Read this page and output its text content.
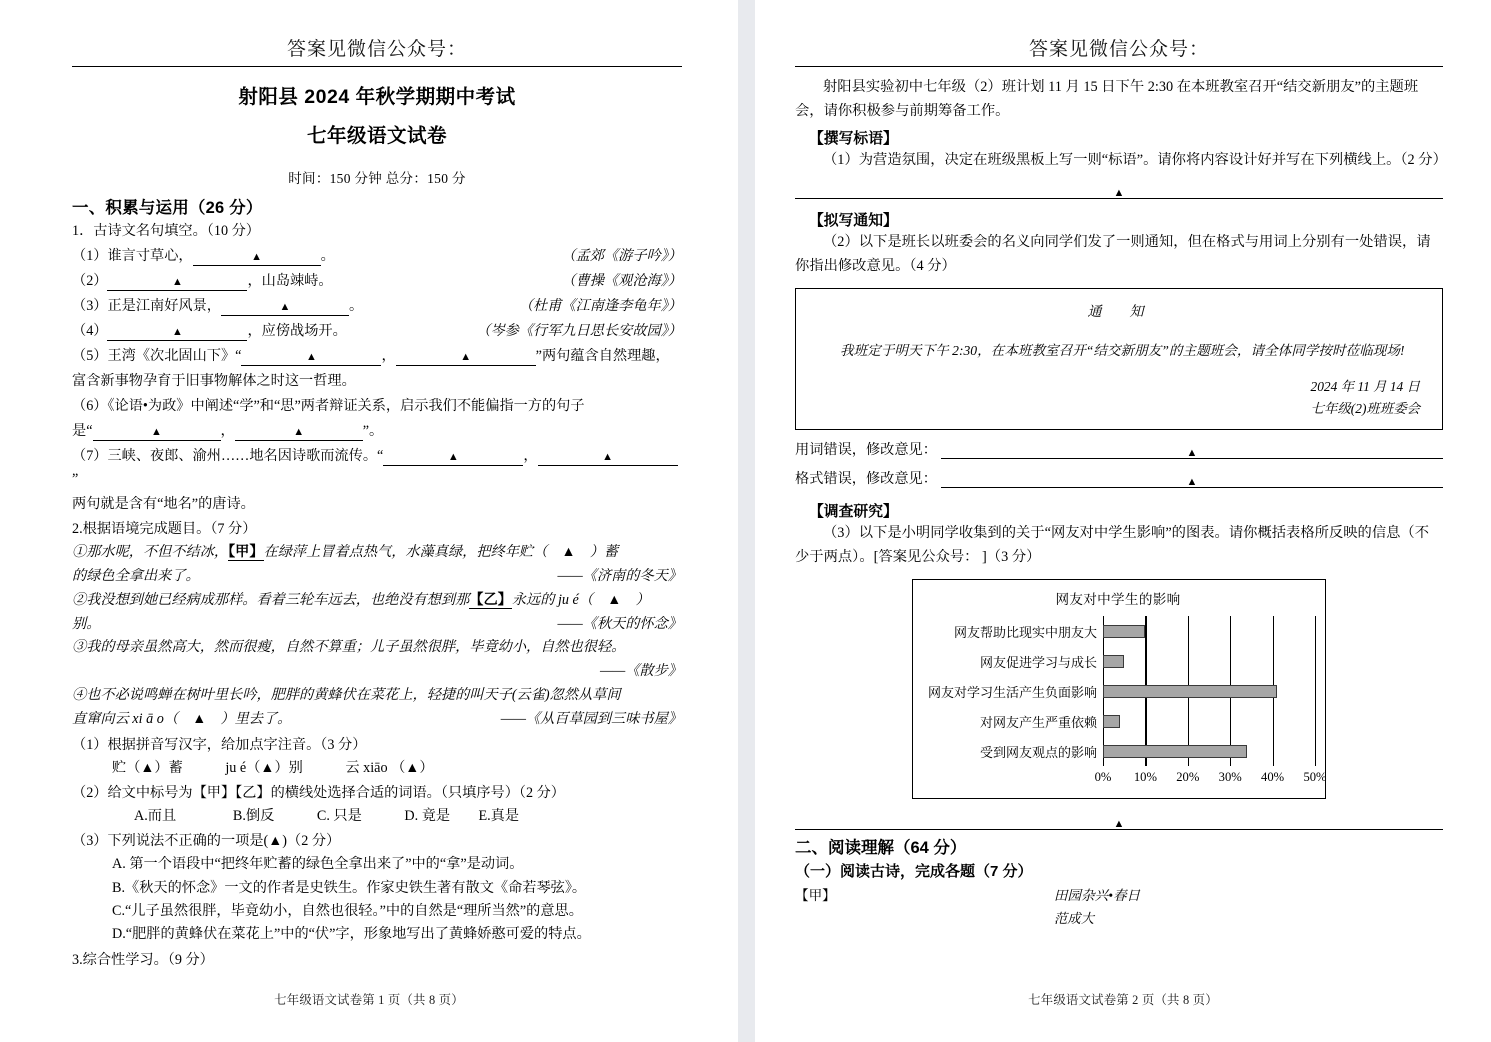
答案见微信公众号：
射阳县 2024 年秋学期期中考试
七年级语文试卷
时间：150 分钟 总分：150 分
一、积累与运用（26 分）
1．古诗文名句填空。（10 分）
（1）谁言寸草心，	▲	。	（孟郊《游子吟》）
（2）	▲	，山岛竦峙。	（曹操《观沧海》）
（3）正是江南好风景，	▲	。	（杜甫《江南逢李龟年》）
（4）	▲	，应傍战场开。	（岑参《行军九日思长安故园》）
（5）王湾《次北固山下》“	▲	，	▲	”两句蕴含自然理趣，
富含新事物孕育于旧事物解体之时这一哲理。
（6）《论语•为政》中阐述“学”和“思”两者辩证关系，启示我们不能偏指一方的句子
是“	▲	，	▲	”。
（7）三峡、夜郎、渝州……地名因诗歌而流传。“	▲	，	▲”
两句就是含有“地名”的唐诗。
2.根据语境完成题目。（7 分）
①那水呢，不但不结冰，【甲】在绿萍上冒着点热气，水藻真绿，把终年贮（　▲　）蓄
的绿色全拿出来了。	——《济南的冬天》
②我没想到她已经病成那样。看着三轮车远去，也绝没有想到那【乙】永远的 ju é（　▲　）
别。	——《秋天的怀念》
③我的母亲虽然高大，然而很瘦，自然不算重；儿子虽然很胖，毕竟幼小，自然也很轻。
——《散步》
④也不必说鸣蝉在树叶里长吟，肥胖的黄蜂伏在菜花上，轻捷的叫天子(云雀)忽然从草间
直窜向云 xi ā o（　▲　）里去了。	——《从百草园到三味书屋》
（1）根据拼音写汉字，给加点字注音。（3 分）
贮（▲）蓄　　　ju é（▲）别　　　云 xiāo （▲）
（2）给文中标号为【甲】【乙】的横线处选择合适的词语。（只填序号）（2 分）
A.而且　　　　B.倒反　　　C. 只是　　　D. 竟是　　E.真是
（3）下列说法不正确的一项是(▲)（2 分）
A. 第一个语段中“把终年贮蓄的绿色全拿出来了”中的“拿”是动词。
B.《秋天的怀念》一文的作者是史铁生。作家史铁生著有散文《命若琴弦》。
C.“儿子虽然很胖，毕竟幼小，自然也很轻。”中的自然是“理所当然”的意思。
D.“肥胖的黄蜂伏在菜花上”中的“伏”字，形象地写出了黄蜂娇憨可爱的特点。
3.综合性学习。（9 分）
七年级语文试卷第 1 页（共 8 页）
答案见微信公众号：
射阳县实验初中七年级（2）班计划 11 月 15 日下午 2:30 在本班教室召开“结交新朋友”的主题班会，请你积极参与前期筹备工作。
【撰写标语】
（1）为营造氛围，决定在班级黑板上写一则“标语”。请你将内容设计好并写在下列横线上。（2 分）
▲
【拟写通知】
（2）以下是班长以班委会的名义向同学们发了一则通知，但在格式与用词上分别有一处错误，请你指出修改意见。（4 分）
通　知
我班定于明天下午 2:30，在本班教室召开“结交新朋友”的主题班会，请全体同学按时莅临现场!
2024 年 11 月 14 日
七年级(2)班班委会
用词错误，修改意见：	▲
格式错误，修改意见：	▲
【调查研究】
（3）以下是小明同学收集到的关于“网友对中学生影响”的图表。请你概括表格所反映的信息（不少于两点）。[答案见公众号： ]（3 分）
网友对中学生的影响
网友帮助比现实中朋友大
网友促进学习与成长
网友对学习生活产生负面影响
对网友产生严重依赖
受到网友观点的影响
0% 10% 20% 30% 40% 50%
▲
二、阅读理解（64 分）
（一）阅读古诗，完成各题（7 分）
【甲】	田园杂兴•春日
范成大
七年级语文试卷第 2 页（共 8 页）
